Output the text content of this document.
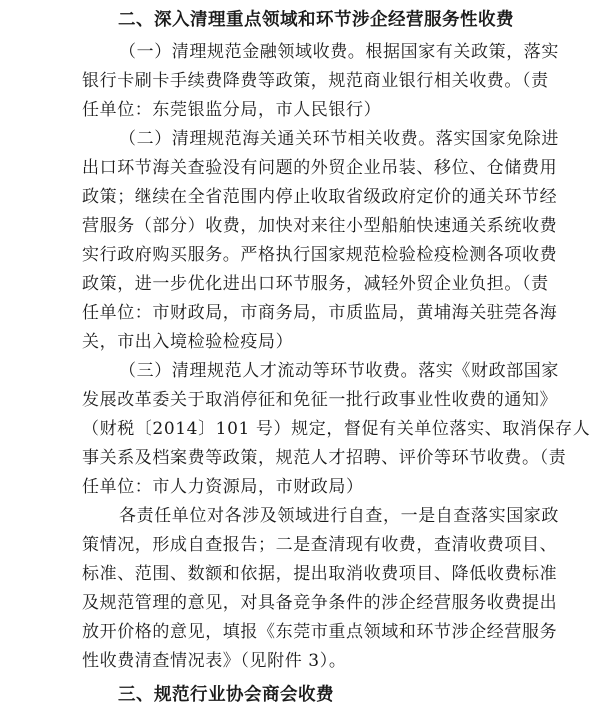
二、深入清理重点领域和环节涉企经营服务性收费
（一）清理规范金融领域收费。根据国家有关政策，落实
银行卡刷卡手续费降费等政策，规范商业银行相关收费。（责
任单位：东莞银监分局，市人民银行）
（二）清理规范海关通关环节相关收费。落实国家免除进
出口环节海关查验没有问题的外贸企业吊装、移位、仓储费用
政策；继续在全省范围内停止收取省级政府定价的通关环节经
营服务（部分）收费，加快对来往小型船舶快速通关系统收费
实行政府购买服务。严格执行国家规范检验检疫检测各项收费
政策，进一步优化进出口环节服务，减轻外贸企业负担。（责
任单位：市财政局，市商务局，市质监局，黄埔海关驻莞各海
关，市出入境检验检疫局）
（三）清理规范人才流动等环节收费。落实《财政部国家
发展改革委关于取消停征和免征一批行政事业性收费的通知》
（财税〔2014〕101 号）规定，督促有关单位落实、取消保存人
事关系及档案费等政策，规范人才招聘、评价等环节收费。（责
任单位：市人力资源局，市财政局）
各责任单位对各涉及领域进行自查，一是自查落实国家政
策情况，形成自查报告；二是查清现有收费，查清收费项目、
标准、范围、数额和依据，提出取消收费项目、降低收费标准
及规范管理的意见，对具备竞争条件的涉企经营服务收费提出
放开价格的意见，填报《东莞市重点领域和环节涉企经营服务
性收费清查情况表》（见附件 3）。
三、规范行业协会商会收费
